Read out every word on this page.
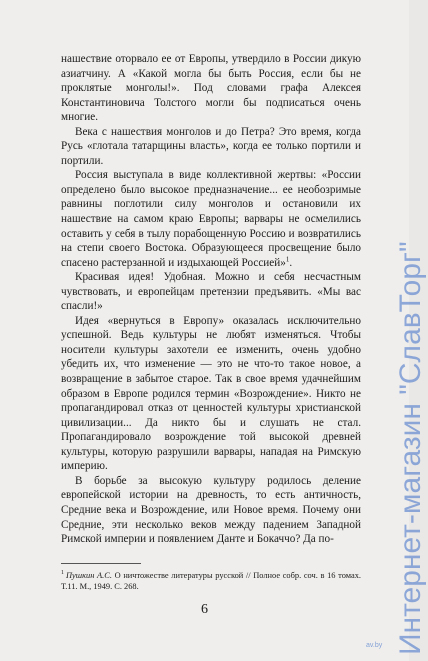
нашествие оторвало ее от Европы, утвердило в России дикую азиатчину. А «Какой могла бы быть Россия, если бы не проклятые монголы!». Под словами графа Алексея Константиновича Толстого могли бы подписаться очень многие.

Века с нашествия монголов и до Петра? Это время, когда Русь «глотала татарщины власть», когда ее только портили и портили.

Россия выступала в виде коллективной жертвы: «России определено было высокое предназначение... ее необозримые равнины поглотили силу монголов и остановили их нашествие на самом краю Европы; варвары не осмелились оставить у себя в тылу порабощенную Россию и возвратились на степи своего Востока. Образующееся просвещение было спасено растерзанной и издыхающей Россией»$^1$.

Красивая идея! Удобная. Можно и себя несчастным чувствовать, и европейцам претензии предъявить. «Мы вас спасли!»

Идея «вернуться в Европу» оказалась исключительно успешной. Ведь культуры не любят изменяться. Чтобы носители культуры захотели ее изменить, очень удобно убедить их, что изменение — это не что-то такое новое, а возвращение в забытое старое. Так в свое время удачнейшим образом в Европе родился термин «Возрождение». Никто не пропагандировал отказ от ценностей культуры христианской цивилизации... Да никто бы и слушать не стал. Пропагандировало возрождение той высокой древней культуры, которую разрушили варвары, нападая на Римскую империю.

В борьбе за высокую культуру родилось деление европейской истории на древность, то есть античность, Средние века и Возрождение, или Новое время. Почему они Средние, эти несколько веков между падением Западной Римской империи и появлением Данте и Бокаччо? Да по-

$^1$ Пушкин А.С. О ничтожестве литературы русской // Полное собр. соч. в 16 томах. Т.11. М., 1949. С. 268.
6	Интернет-магазин "СлавТорг"
av.by
